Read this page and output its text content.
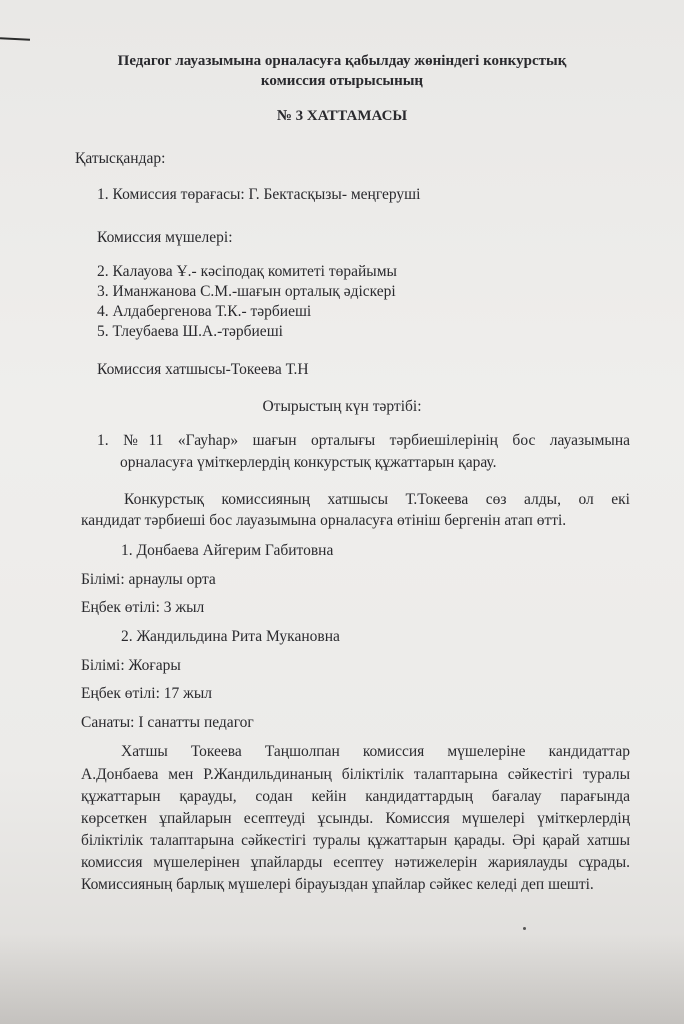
Педагог лауазымына орналасуға қабылдау жөніндегі конкурстық
комиссия отырысының
№ 3 ХАТТАМАСЫ
Қатысқандар:
1. Комиссия төрағасы: Г. Бектасқызы- меңгеруші
Комиссия мүшелері:
2. Калауова Ұ.- кәсіподақ комитеті төрайымы
3. Иманжанова С.М.-шағын орталық әдіскері
4. Алдабергенова Т.К.- тәрбиеші
5. Тлеубаева Ш.А.-тәрбиеші
Комиссия хатшысы-Токеева Т.Н
Отырыстың күн тәртібі:
1. №11 «Гауһар» шағын орталығы тәрбиешілерінің бос лауазымына
орналасуға үміткерлердің конкурстық құжаттарын қарау.
Конкурстық комиссияның хатшысы Т.Токеева сөз алды, ол екі
кандидат тәрбиеші бос лауазымына орналасуға өтініш бергенін атап өтті.
1. Донбаева Айгерим Габитовна
Білімі: арнаулы орта
Еңбек өтілі: 3 жыл
2. Жандильдина Рита Мукановна
Білімі: Жоғары
Еңбек өтілі: 17 жыл
Санаты: І санатты педагог
Хатшы Токеева Таңшолпан комиссия мүшелеріне кандидаттар
А.Донбаева мен Р.Жандильдинаның біліктілік талаптарына сәйкестігі туралы
құжаттарын қарауды, содан кейін кандидаттардың бағалау парағында
көрсеткен ұпайларын есептеуді ұсынды. Комиссия мүшелері үміткерлердің
біліктілік талаптарына сәйкестігі туралы құжаттарын қарады. Әрі қарай хатшы
комиссия мүшелерінен ұпайларды есептеу нәтижелерін жариялауды сұрады.
Комиссияның барлық мүшелері бірауыздан ұпайлар сәйкес келеді деп шешті.
